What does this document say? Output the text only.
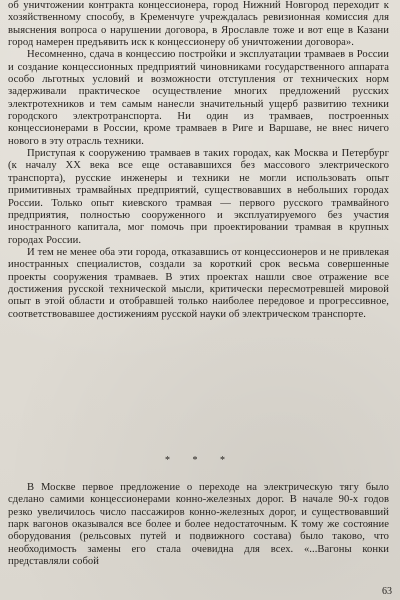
об уничтожении контракта концессионера, город Нижний Новгород переходит к хозяйственному способу, в Кременчуге учреждалась ревизионная комиссия для выяснения вопроса о нарушении договора, в Ярославле тоже и вот еще в Казани город намерен предъявить иск к концессионеру об уничтожении договора».

Несомненно, сдача в концессию постройки и эксплуатации трамваев в России и создание концессионных предприятий чиновниками государственного аппарата особо льготных условий и возможности отступления от технических норм задерживали практическое осуществление многих предложений русских электротехников и тем самым нанесли значительный ущерб развитию техники городского электротранспорта. Ни один из трамваев, построенных концессионерами в России, кроме трамваев в Риге и Варшаве, не внес ничего нового в эту отрасль техники.

Приступая к сооружению трамваев в таких городах, как Москва и Петербург (к началу XX века все еще остававшихся без массового электрического транспорта), русские инженеры и техники не могли использовать опыт примитивных трамвайных предприятий, существовавших в небольших городах России. Только опыт киевского трамвая — первого русского трамвайного предприятия, полностью сооруженного и эксплуатируемого без участия иностранного капитала, мог помочь при проектировании трамвая в крупных городах России.

И тем не менее оба эти города, отказавшись от концессионеров и не привлекая иностранных специалистов, создали за короткий срок весьма совершенные проекты сооружения трамваев. В этих проектах нашли свое отражение все достижения русской технической мысли, критически пересмотревшей мировой опыт в этой области и отобравшей только наиболее передовое и прогрессивное, соответствовавшее достижениям русской науки об электрическом транспорте.

* * *

В Москве первое предложение о переходе на электрическую тягу было сделано самими концессионерами конно-железных дорог. В начале 90-х годов резко увеличилось число пассажиров конно-железных дорог, и существовавший парк вагонов оказывался все более и более недостаточным. К тому же состояние оборудования (рельсовых путей и подвижного состава) было таково, что необходимость замены его стала очевидна для всех. «...Вагоны конки представляли собой

63
